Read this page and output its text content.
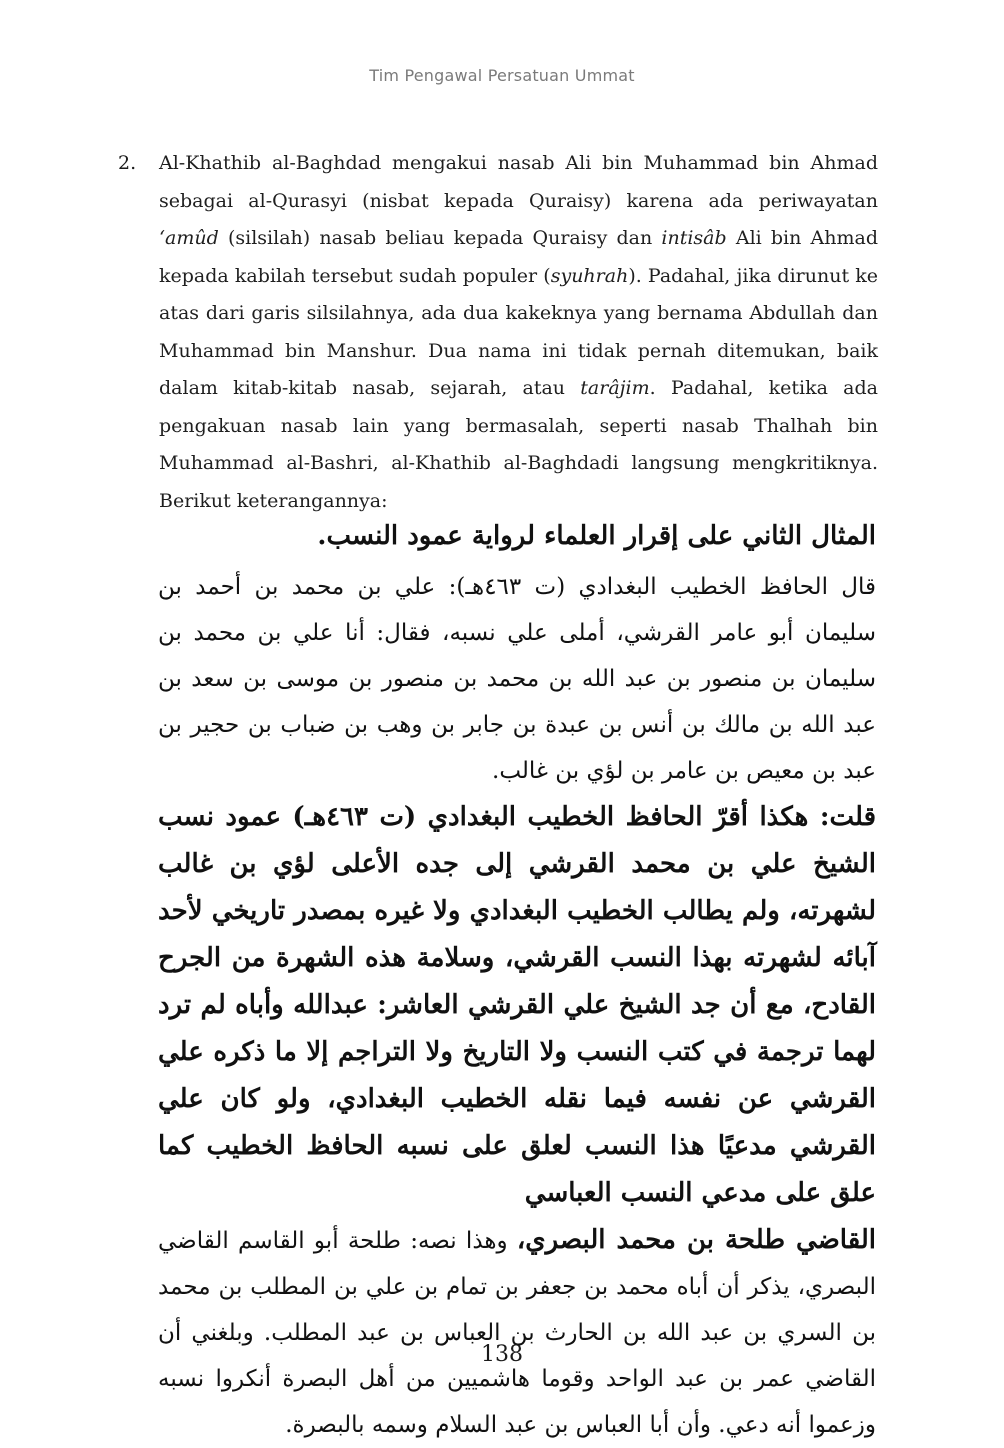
Tim Pengawal Persatuan Ummat
2. Al-Khathib al-Baghdad mengakui nasab Ali bin Muhammad bin Ahmad sebagai al-Qurasyi (nisbat kepada Quraisy) karena ada periwayatan ‘amûd (silsilah) nasab beliau kepada Quraisy dan intisâb Ali bin Ahmad kepada kabilah tersebut sudah populer (syuhrah). Padahal, jika dirunut ke atas dari garis silsilahnya, ada dua kakeknya yang bernama Abdullah dan Muhammad bin Manshur. Dua nama ini tidak pernah ditemukan, baik dalam kitab-kitab nasab, sejarah, atau tarâjim. Padahal, ketika ada pengakuan nasab lain yang bermasalah, seperti nasab Thalhah bin Muhammad al-Bashri, al-Khathib al-Baghdadi langsung mengkritiknya. Berikut keterangannya:

المثال الثاني على إقرار العلماء لرواية عمود النسب.

قال الحافظ الخطيب البغدادي (ت ٤٦٣هـ): علي بن محمد بن أحمد بن سليمان أبو عامر القرشي، أملى علي نسبه، فقال: أنا علي بن محمد بن سليمان بن منصور بن عبد الله بن محمد بن منصور بن موسى بن سعد بن عبد الله بن مالك بن أنس بن عبدة بن جابر بن وهب بن ضباب بن حجير بن عبد بن معيص بن عامر بن لؤي بن غالب.

قلت: هكذا أقرّ الحافظ الخطيب البغدادي (ت ٤٦٣هـ) عمود نسب الشيخ علي بن محمد القرشي إلى جده الأعلى لؤي بن غالب لشهرته، ولم يطالب الخطيب البغدادي ولا غيره بمصدر تاريخي لأحد آبائه لشهرته بهذا النسب القرشي، وسلامة هذه الشهرة من الجرح القادح، مع أن جد الشيخ علي القرشي العاشر: عبدالله وأباه لم ترد لهما ترجمة في كتب النسب ولا التاريخ ولا التراجم إلا ما ذكره علي القرشي عن نفسه فيما نقله الخطيب البغدادي، ولو كان علي القرشي مدعيًا هذا النسب لعلق على نسبه الحافظ الخطيب كما علق على مدعي النسب العباسي

القاضي طلحة بن محمد البصري، وهذا نصه: طلحة أبو القاسم القاضي البصري، يذكر أن أباه محمد بن جعفر بن تمام بن علي بن المطلب بن محمد بن السري بن عبد الله بن الحارث بن العباس بن عبد المطلب. وبلغني أن القاضي عمر بن عبد الواحد وقوما هاشميين من أهل البصرة أنكروا نسبه وزعموا أنه دعي. وأن أبا العباس بن عبد السلام وسمه بالبصرة.

138
